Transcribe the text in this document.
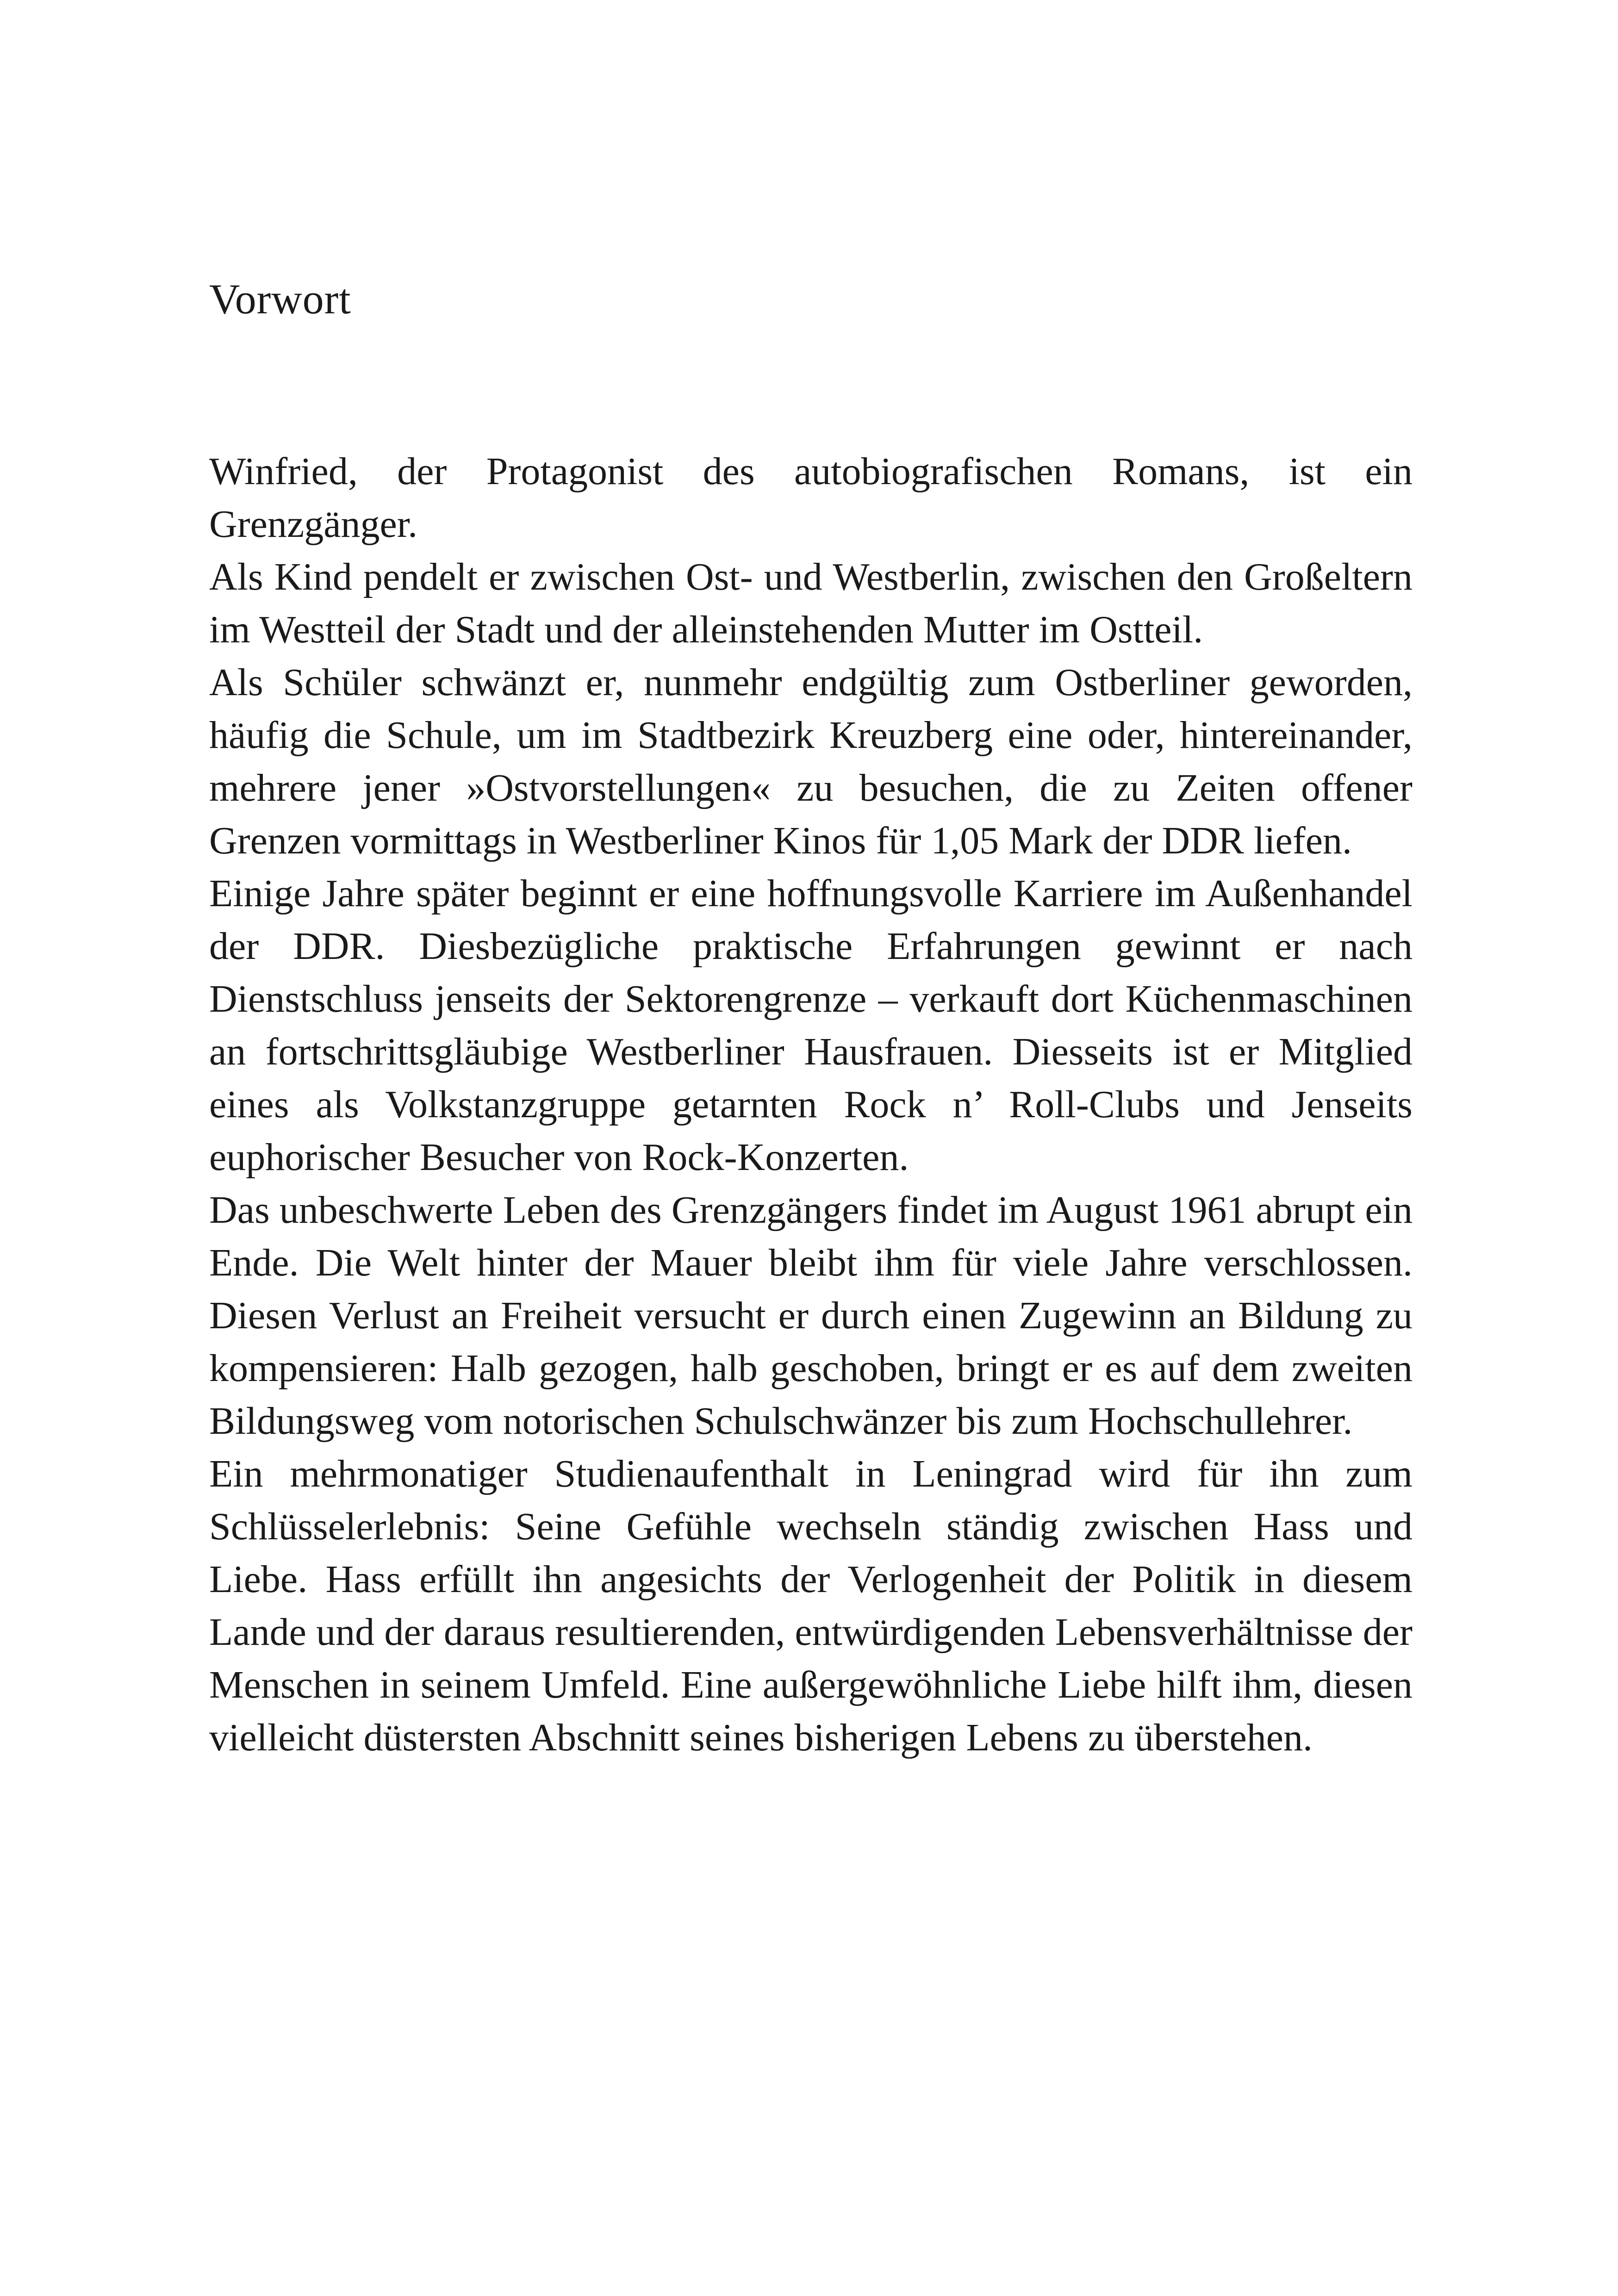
Vorwort

Winfried, der Protagonist des autobiografischen Romans, ist ein Grenzgänger.

Als Kind pendelt er zwischen Ost- und Westberlin, zwischen den Großeltern im Westteil der Stadt und der alleinstehenden Mutter im Ostteil.

Als Schüler schwänzt er, nunmehr endgültig zum Ostberliner geworden, häufig die Schule, um im Stadtbezirk Kreuzberg eine oder, hintereinander, mehrere jener »Ostvorstellungen« zu besuchen, die zu Zeiten offener Grenzen vormittags in Westberliner Kinos für 1,05 Mark der DDR liefen.

Einige Jahre später beginnt er eine hoffnungsvolle Karriere im Außenhandel der DDR. Diesbezügliche praktische Erfahrungen gewinnt er nach Dienstschluss jenseits der Sektorengrenze – verkauft dort Küchenmaschinen an fortschrittsgläubige Westberliner Hausfrauen. Diesseits ist er Mitglied eines als Volkstanzgruppe getarnten Rock n’ Roll-Clubs und Jenseits euphorischer Besucher von Rock-Konzerten.

Das unbeschwerte Leben des Grenzgängers findet im August 1961 abrupt ein Ende. Die Welt hinter der Mauer bleibt ihm für viele Jahre verschlossen. Diesen Verlust an Freiheit versucht er durch einen Zugewinn an Bildung zu kompensieren: Halb gezogen, halb geschoben, bringt er es auf dem zweiten Bildungsweg vom notorischen Schulschwänzer bis zum Hochschullehrer.

Ein mehrmonatiger Studienaufenthalt in Leningrad wird für ihn zum Schlüsselerlebnis: Seine Gefühle wechseln ständig zwischen Hass und Liebe. Hass erfüllt ihn angesichts der Verlogenheit der Politik in diesem Lande und der daraus resultierenden, entwürdigenden Lebensverhältnisse der Menschen in seinem Umfeld. Eine außergewöhnliche Liebe hilft ihm, diesen vielleicht düstersten Abschnitt seines bisherigen Lebens zu überstehen.
